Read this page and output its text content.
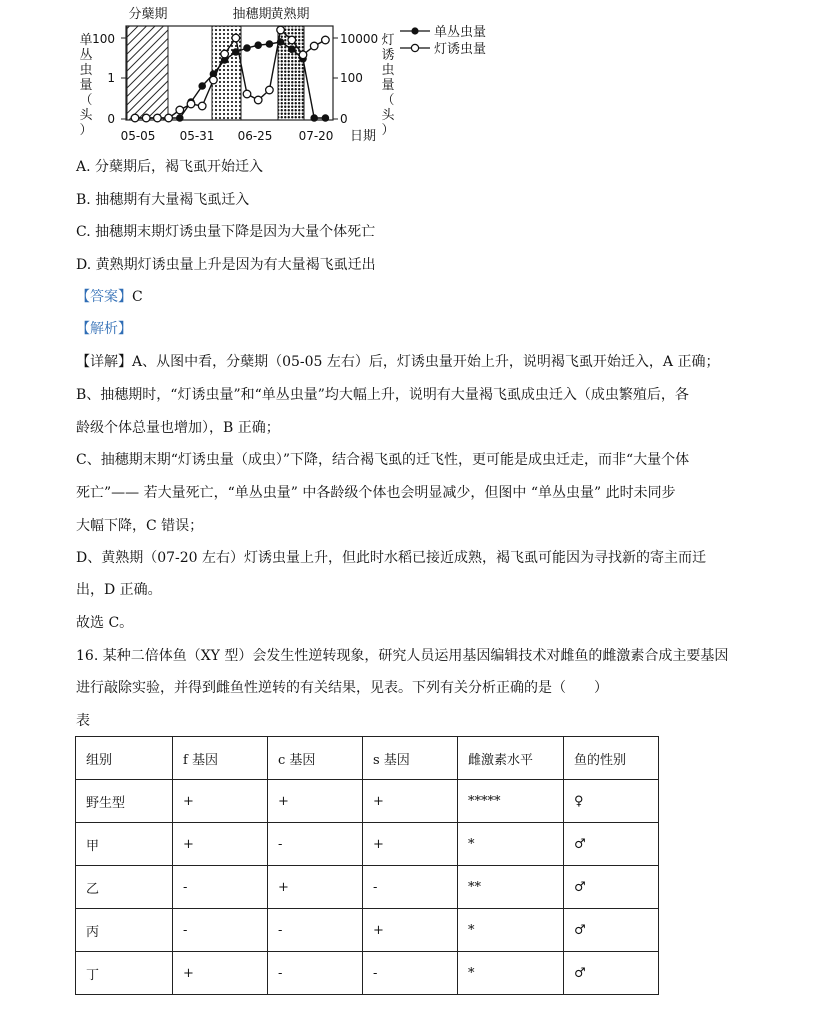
分蘖期	抽穗期
黄熟期
单
丛
虫
量
（
头
）
100
1
0
10000
100
0
灯
诱
虫
量
（
头
）
05-05 05-31 06-25 07-20 日期
单丛虫量
灯诱虫量
A. 分蘖期后，褐飞虱开始迁入
B. 抽穗期有大量褐飞虱迁入
C. 抽穗期末期灯诱虫量下降是因为大量个体死亡
D. 黄熟期灯诱虫量上升是因为有大量褐飞虱迁出
【答案】C
【解析】
【详解】A、从图中看，分蘖期（05-05 左右）后，灯诱虫量开始上升，说明褐飞虱开始迁入，A 正确；
B、抽穗期时，“灯诱虫量”和“单丛虫量”均大幅上升，说明有大量褐飞虱成虫迁入（成虫繁殖后，各
龄级个体总量也增加），B 正确；
C、抽穗期末期“灯诱虫量（成虫）”下降，结合褐飞虱的迁飞性，更可能是成虫迁走，而非“大量个体
死亡”—— 若大量死亡，“单丛虫量” 中各龄级个体也会明显减少，但图中 “单丛虫量” 此时未同步
大幅下降，C 错误；
D、黄熟期（07-20 左右）灯诱虫量上升，但此时水稻已接近成熟，褐飞虱可能因为寻找新的寄主而迁
出，D 正确。
故选 C。
16. 某种二倍体鱼（XY 型）会发生性逆转现象，研究人员运用基因编辑技术对雌鱼的雌激素合成主要基因
进行敲除实验，并得到雌鱼性逆转的有关结果，见表。下列有关分析正确的是（　　）
表
组别	f 基因	c 基因	s 基因	雌激素水平	鱼的性别
野生型	+	+	+	*****	♀
甲	+	-	+	*	♂
乙	-	+	-	**	♂
丙	-	-	+	*	♂
丁	+	-	-	*	♂
